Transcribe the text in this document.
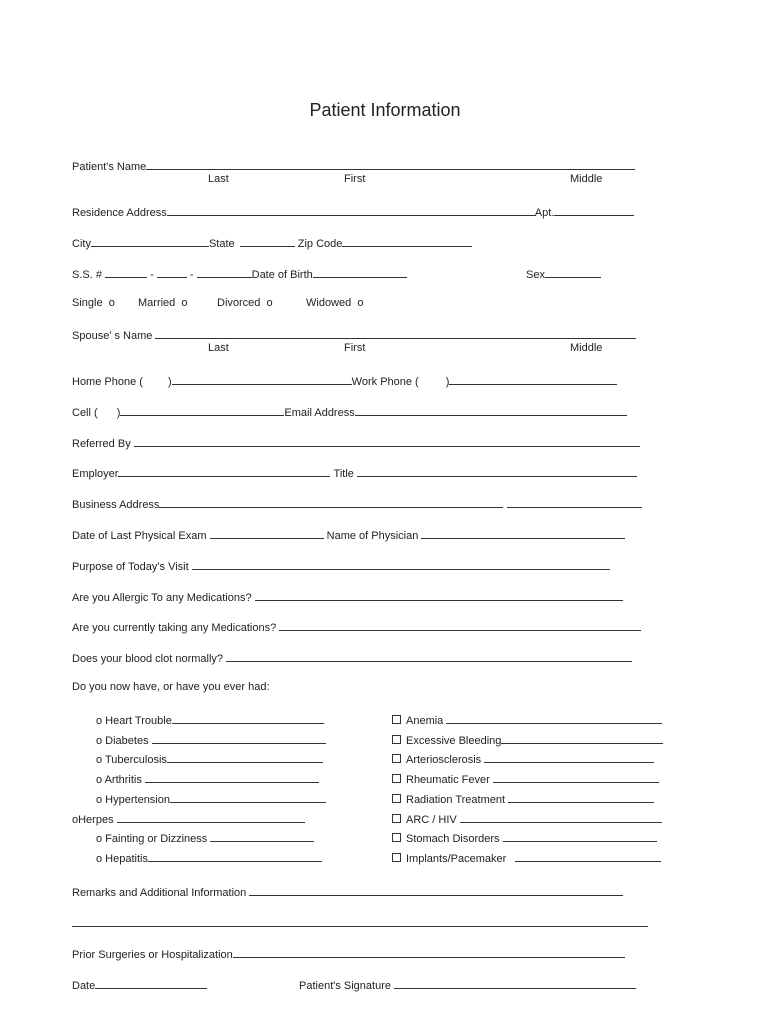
Patient Information
Patient's Name
Last	First	Middle
Residence Address	Apt.
City	State	Zip Code
S.S. #	-	-	Date of Birth	Sex
Single o Married o	Divorced o	Widowed o
Spouse' s Name
Last	First	Middle
Home Phone ( )	Work Phone ( )
Cell ( )	Email Address
Referred By
Employer	Title
Business Address
Date of Last Physical Exam	Name of Physician
Purpose of Today's Visit
Are you Allergic To any Medications?
Are you currently taking any Medications?
Does your blood clot normally?
Do you now have, or have you ever had:
o Heart Trouble
o Diabetes
o Tuberculosis
o Arthritis
o Hypertension
oHerpes
o Fainting or Dizziness
o Hepatitis
Anemia
Excessive Bleeding
Arteriosclerosis
Rheumatic Fever
Radiation Treatment
ARC / HIV
Stomach Disorders
Implants/Pacemaker
Remarks and Additional Information
Prior Surgeries or Hospitalization
Date	Patient's Signature
